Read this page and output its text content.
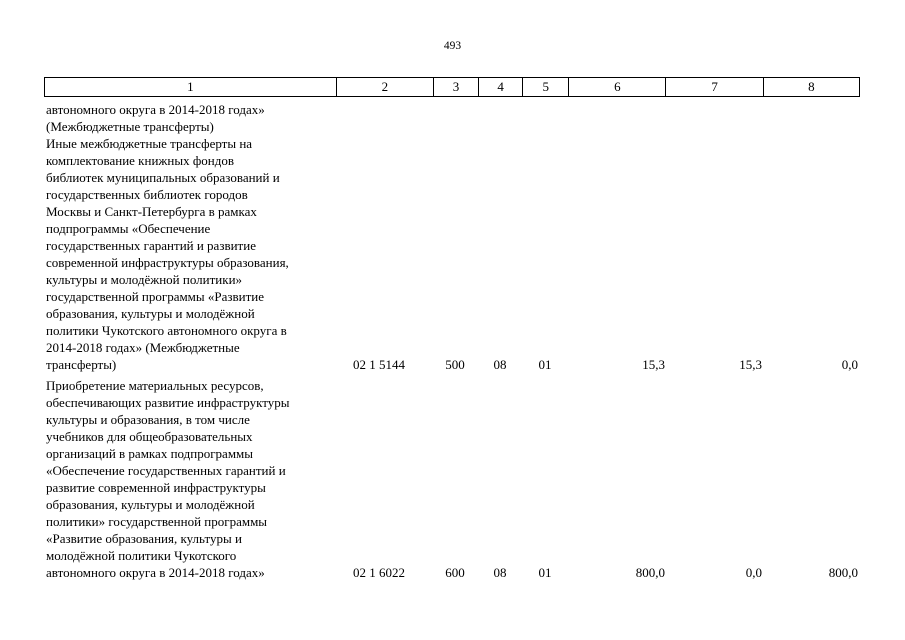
493
1	2	3	4	5	6	7	8
автономного округа в 2014-2018 годах»
(Межбюджетные трансферты)
Иные межбюджетные трансферты на
комплектование книжных фондов
библиотек муниципальных образований и
государственных библиотек городов
Москвы и Санкт-Петербурга в рамках
подпрограммы «Обеспечение
государственных гарантий и развитие
современной инфраструктуры образования,
культуры и молодёжной политики»
государственной программы «Развитие
образования, культуры и молодёжной
политики Чукотского автономного округа в
2014-2018 годах» (Межбюджетные
трансферты)	02 1 5144	500	08	01	15,3	15,3	0,0
Приобретение материальных ресурсов,
обеспечивающих развитие инфраструктуры
культуры и образования, в том числе
учебников для общеобразовательных
организаций в рамках подпрограммы
«Обеспечение государственных гарантий и
развитие современной инфраструктуры
образования, культуры и молодёжной
политики» государственной программы
«Развитие образования, культуры и
молодёжной политики Чукотского
автономного округа в 2014-2018 годах»	02 1 6022	600	08	01	800,0	0,0	800,0
